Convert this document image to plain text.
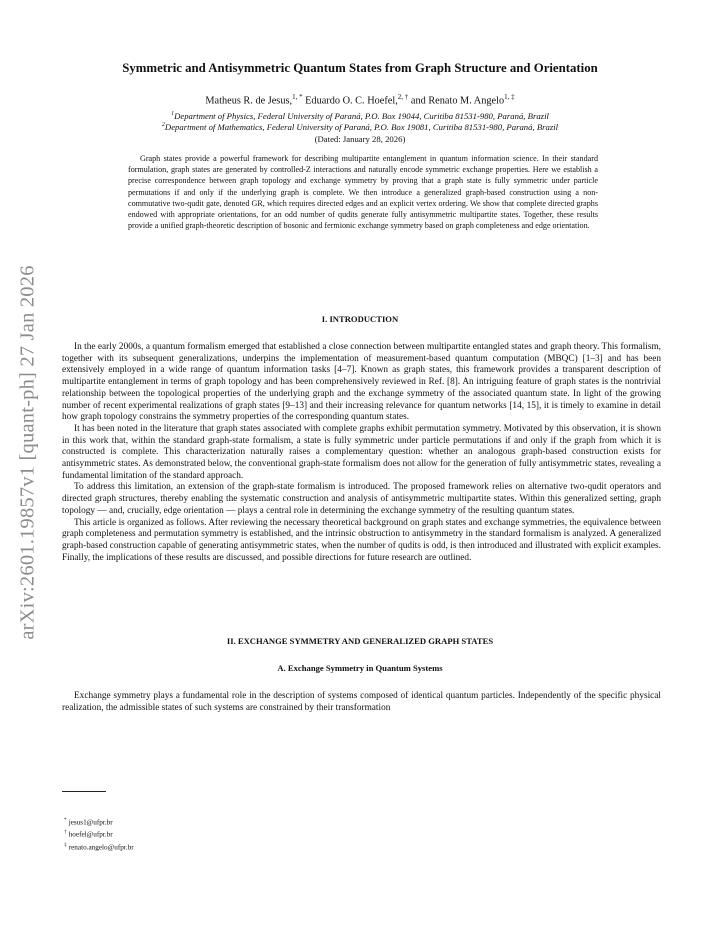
arXiv:2601.19857v1 [quant-ph] 27 Jan 2026
Symmetric and Antisymmetric Quantum States from Graph Structure and Orientation
Matheus R. de Jesus,$^{1, *}$ Eduardo O. C. Hoefel,$^{2, \dagger}$ and Renato M. Angelo$^{1, \ddagger}$
$^1$Department of Physics, Federal University of Paraná, P.O. Box 19044, Curitiba 81531-980, Paraná, Brazil
$^2$Department of Mathematics, Federal University of Paraná, P.O. Box 19081, Curitiba 81531-980, Paraná, Brazil
(Dated: January 28, 2026)
Graph states provide a powerful framework for describing multipartite entanglement in quantum information science. In their standard formulation, graph states are generated by controlled-Z interactions and naturally encode symmetric exchange properties. Here we establish a precise correspondence between graph topology and exchange symmetry by proving that a graph state is fully symmetric under particle permutations if and only if the underlying graph is complete. We then introduce a generalized graph-based construction using a non-commutative two-qudit gate, denoted GR, which requires directed edges and an explicit vertex ordering. We show that complete directed graphs endowed with appropriate orientations, for an odd number of qudits generate fully antisymmetric multipartite states. Together, these results provide a unified graph-theoretic description of bosonic and fermionic exchange symmetry based on graph completeness and edge orientation.
I. INTRODUCTION

In the early 2000s, a quantum formalism emerged that established a close connection between multipartite entangled states and graph theory. This formalism, together with its subsequent generalizations, underpins the implementation of measurement-based quantum computation (MBQC) [1–3] and has been extensively employed in a wide range of quantum information tasks [4–7]. Known as graph states, this framework provides a transparent description of multipartite entanglement in terms of graph topology and has been comprehensively reviewed in Ref. [8]. An intriguing feature of graph states is the nontrivial relationship between the topological properties of the underlying graph and the exchange symmetry of the associated quantum state. In light of the growing number of recent experimental realizations of graph states [9–13] and their increasing relevance for quantum networks [14, 15], it is timely to examine in detail how graph topology constrains the symmetry properties of the corresponding quantum states.

It has been noted in the literature that graph states associated with complete graphs exhibit permutation symmetry. Motivated by this observation, it is shown in this work that, within the standard graph-state formalism, a state is fully symmetric under particle permutations if and only if the graph from which it is constructed is complete. This characterization naturally raises a complementary question: whether an analogous graph-based construction exists for antisymmetric states. As demonstrated below, the conventional graph-state formalism does not allow for the generation of fully antisymmetric states, revealing a fundamental limitation of the standard approach.

To address this limitation, an extension of the graph-state formalism is introduced. The proposed framework relies on alternative two-qudit operators and directed graph structures, thereby enabling the systematic construction and analysis of antisymmetric multipartite states. Within this generalized setting, graph topology — and, crucially, edge orientation — plays a central role in determining the exchange symmetry of the resulting quantum states.

This article is organized as follows. After reviewing the necessary theoretical background on graph states and exchange symmetries, the equivalence between graph completeness and permutation symmetry is established, and the intrinsic obstruction to antisymmetry in the standard formalism is analyzed. A generalized graph-based construction capable of generating antisymmetric states, when the number of qudits is odd, is then introduced and illustrated with explicit examples. Finally, the implications of these results are discussed, and possible directions for future research are outlined.

II. EXCHANGE SYMMETRY AND GENERALIZED GRAPH STATES
A. Exchange Symmetry in Quantum Systems

Exchange symmetry plays a fundamental role in the description of systems composed of identical quantum particles. Independently of the specific physical realization, the admissible states of such systems are constrained by their transformation

* jesus1@ufpr.br
† hoefel@ufpr.br
‡ renato.angelo@ufpr.br
